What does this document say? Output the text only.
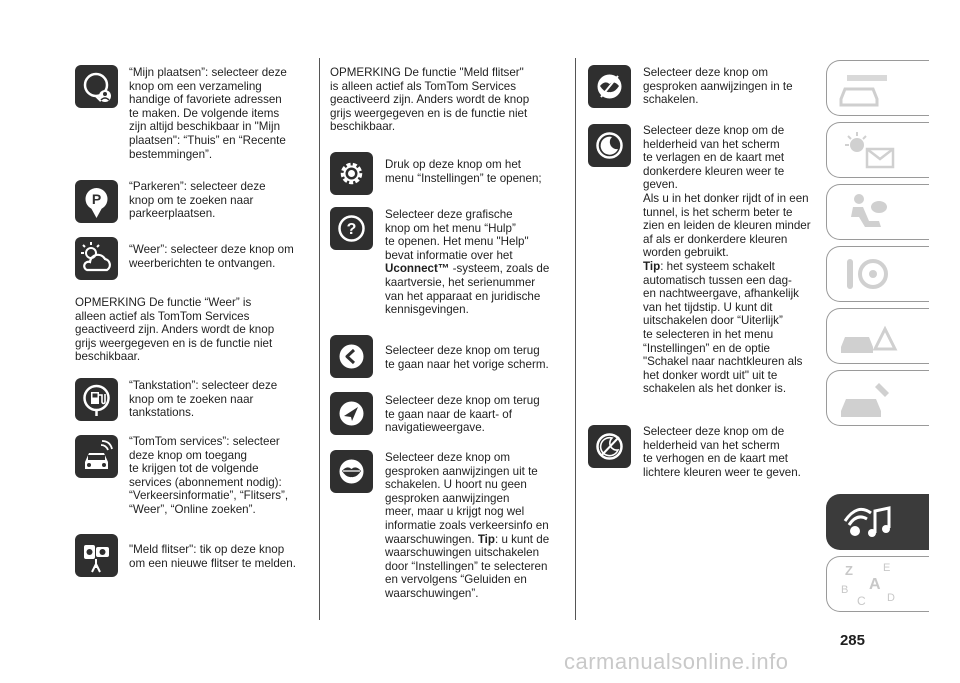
P
“Mijn plaatsen”: selecteer deze
knop om een verzameling
handige of favoriete adressen
te maken. De volgende items
zijn altijd beschikbaar in "Mijn
plaatsen": “Thuis” en “Recente
bestemmingen”.
“Parkeren”: selecteer deze
knop om te zoeken naar
parkeerplaatsen.
“Weer”: selecteer deze knop om
weerberichten te ontvangen.
OPMERKING De functie “Weer” is
alleen actief als TomTom Services
geactiveerd zijn. Anders wordt de knop
grijs weergegeven en is de functie niet
beschikbaar.
“Tankstation”: selecteer deze
knop om te zoeken naar
tankstations.
“TomTom services”: selecteer
deze knop om toegang
te krijgen tot de volgende
services (abonnement nodig):
“Verkeersinformatie”, “Flitsers”,
“Weer”, “Online zoeken”.
"Meld flitser": tik op deze knop
om een nieuwe flitser te melden.
OPMERKING De functie "Meld flitser"
is alleen actief als TomTom Services
geactiveerd zijn. Anders wordt de knop
grijs weergegeven en is de functie niet
beschikbaar.
Druk op deze knop om het
menu “Instellingen” te openen;
?
Selecteer deze grafische
knop om het menu “Hulp”
te openen. Het menu "Help"
bevat informatie over het
Uconnect™ -systeem, zoals de
kaartversie, het serienummer
van het apparaat en juridische
kennisgevingen.
Selecteer deze knop om terug
te gaan naar het vorige scherm.
Selecteer deze knop om terug
te gaan naar de kaart- of
navigatieweergave.
Selecteer deze knop om
gesproken aanwijzingen uit te
schakelen. U hoort nu geen
gesproken aanwijzingen
meer, maar u krijgt nog wel
informatie zoals verkeersinfo en
waarschuwingen. Tip: u kunt de
waarschuwingen uitschakelen
door “Instellingen” te selecteren
en vervolgens “Geluiden en
waarschuwingen”.
Selecteer deze knop om
gesproken aanwijzingen in te
schakelen.
Selecteer deze knop om de
helderheid van het scherm
te verlagen en de kaart met
donkerdere kleuren weer te
geven.
Als u in het donker rijdt of in een
tunnel, is het scherm beter te
zien en leiden de kleuren minder
af als er donkerdere kleuren
worden gebruikt.
Tip: het systeem schakelt
automatisch tussen een dag-
en nachtweergave, afhankelijk
van het tijdstip. U kunt dit
uitschakelen door “Uiterlijk”
te selecteren in het menu
“Instellingen” en de optie
"Schakel naar nachtkleuren als
het donker wordt uit" uit te
schakelen als het donker is.
Selecteer deze knop om de
helderheid van het scherm
te verhogen en de kaart met
lichtere kleuren weer te geven.
Z	E
B A
C D
285
carmanualsonline.info
